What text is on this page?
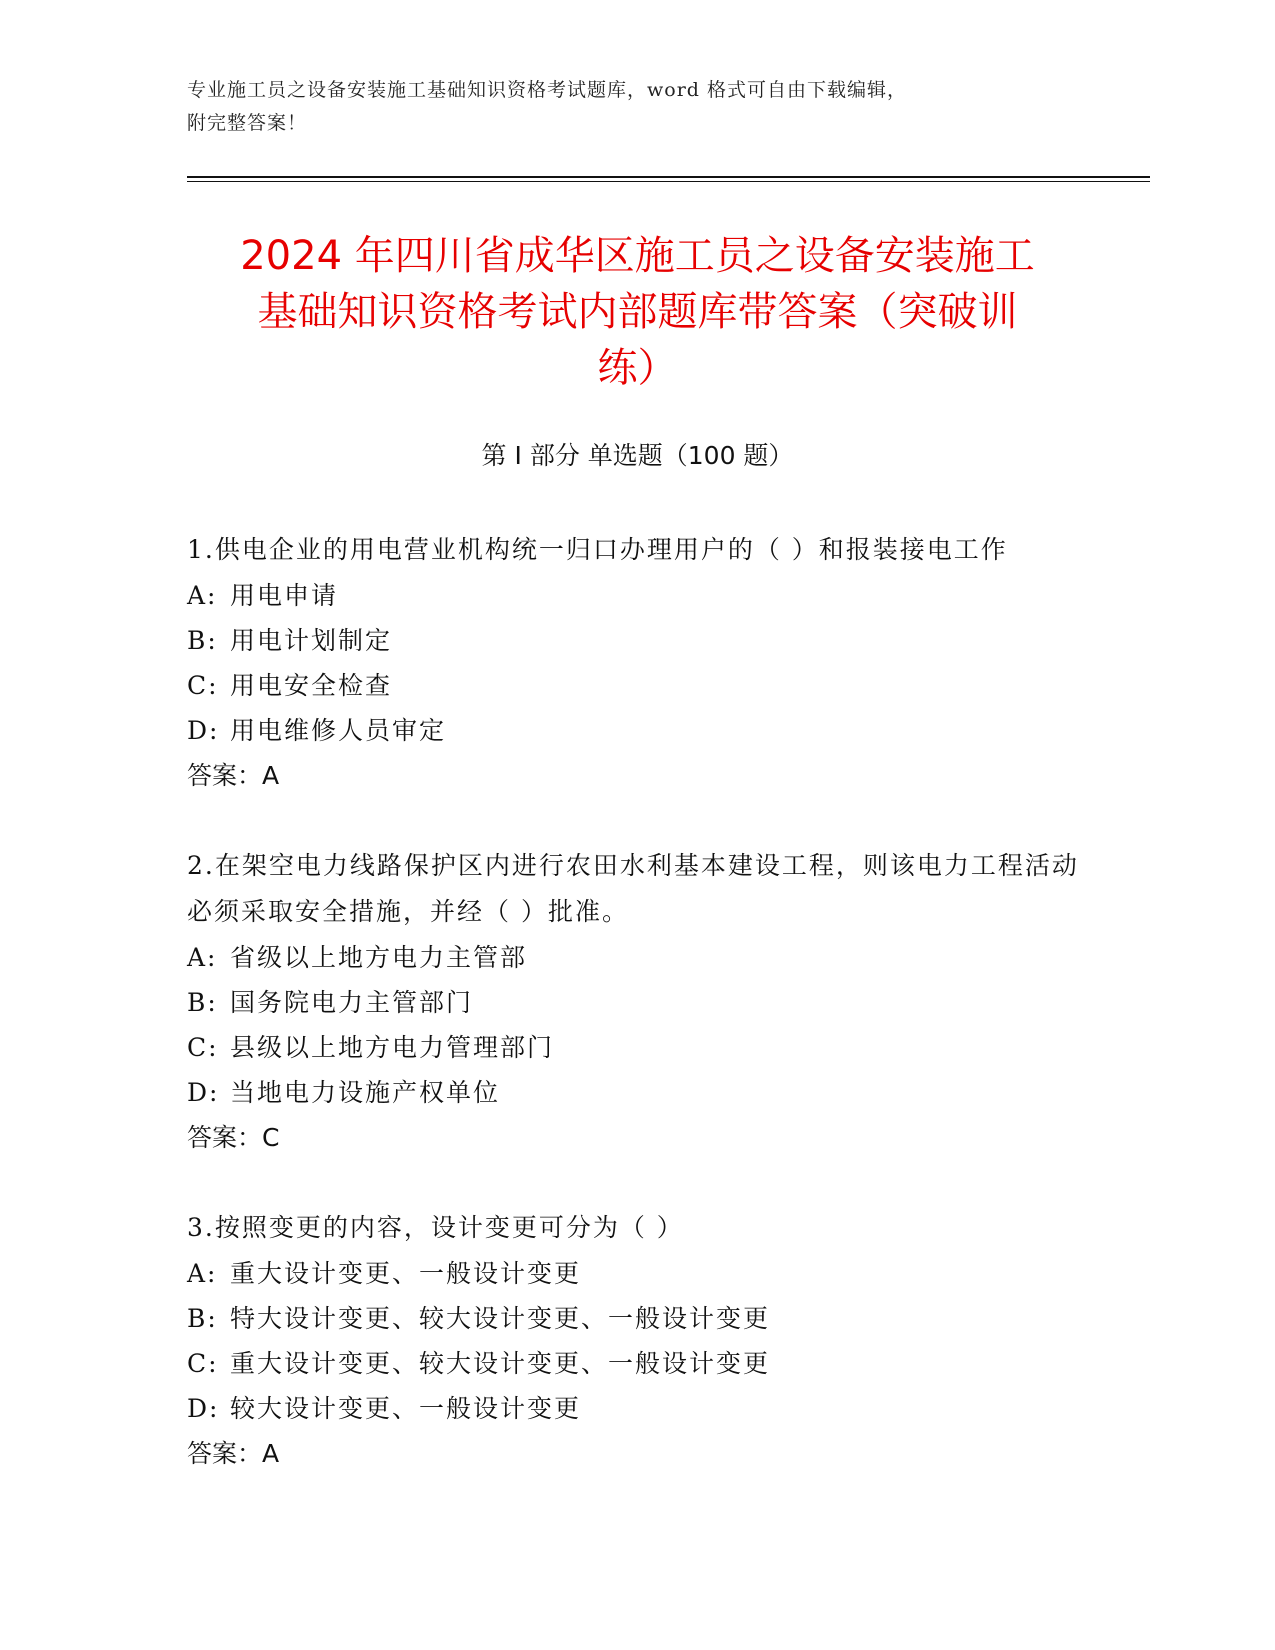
专业施工员之设备安装施工基础知识资格考试题库，word 格式可自由下载编辑，
附完整答案！
2024 年四川省成华区施工员之设备安装施工
基础知识资格考试内部题库带答案（突破训
练）
第 I 部分 单选题（100 题）
1.供电企业的用电营业机构统一归口办理用户的（ ）和报装接电工作
A: 用电申请
B: 用电计划制定
C: 用电安全检查
D: 用电维修人员审定
答案：A
2.在架空电力线路保护区内进行农田水利基本建设工程，则该电力工程活动必须采取安全措施，并经（ ）批准。
A: 省级以上地方电力主管部
B: 国务院电力主管部门
C: 县级以上地方电力管理部门
D: 当地电力设施产权单位
答案：C
3.按照变更的内容，设计变更可分为（ ）
A: 重大设计变更、一般设计变更
B: 特大设计变更、较大设计变更、一般设计变更
C: 重大设计变更、较大设计变更、一般设计变更
D: 较大设计变更、一般设计变更
答案：A
